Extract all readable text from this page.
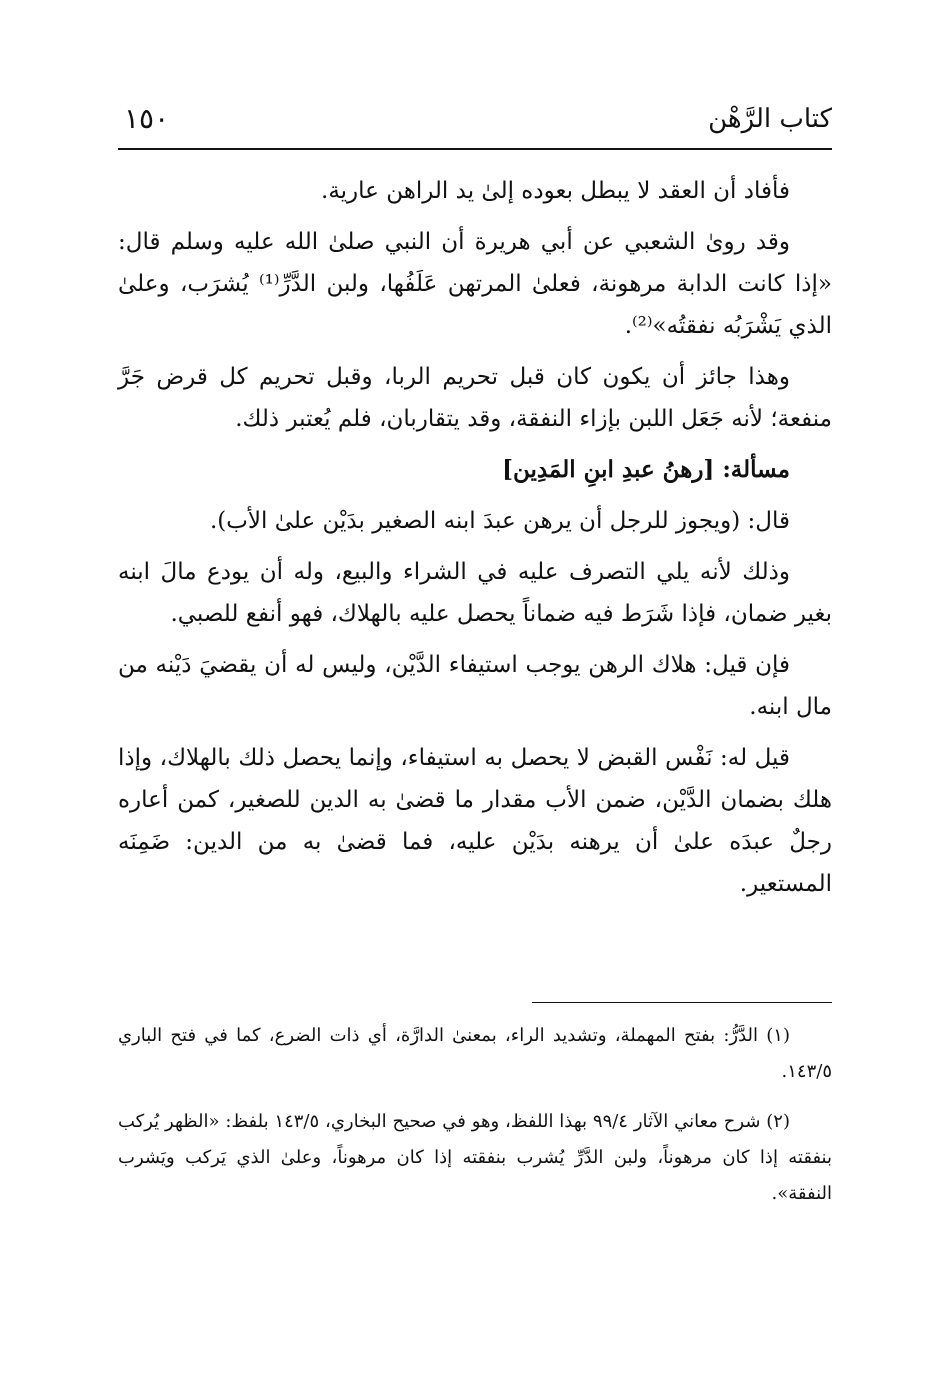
كتاب الرَّهْن
١٥٠

فأفاد أن العقد لا يبطل بعوده إلىٰ يد الراهن عارية.

وقد روىٰ الشعبي عن أبي هريرة أن النبي صلىٰ الله عليه وسلم قال: «إذا كانت الدابة مرهونة، فعلىٰ المرتهن عَلَفُها، ولبن الدَّرِّ⁽¹⁾ يُشرَب، وعلىٰ الذي يَشْرَبُه نفقتُه»⁽²⁾.

وهذا جائز أن يكون كان قبل تحريم الربا، وقبل تحريم كل قرض جَرَّ منفعة؛ لأنه جَعَل اللبن بإزاء النفقة، وقد يتقاربان، فلم يُعتبر ذلك.

مسألة: [رهنُ عبدِ ابنِ المَدِين]

قال: (ويجوز للرجل أن يرهن عبدَ ابنه الصغير بدَيْن علىٰ الأب).

وذلك لأنه يلي التصرف عليه في الشراء والبيع، وله أن يودع مالَ ابنه بغير ضمان، فإذا شَرَط فيه ضماناً يحصل عليه بالهلاك، فهو أنفع للصبي.

فإن قيل: هلاك الرهن يوجب استيفاء الدَّيْن، وليس له أن يقضيَ دَيْنه من مال ابنه.

قيل له: نَفْس القبض لا يحصل به استيفاء، وإنما يحصل ذلك بالهلاك، وإذا هلك بضمان الدَّيْن، ضمن الأب مقدار ما قضىٰ به الدين للصغير، كمن أعاره رجلٌ عبدَه علىٰ أن يرهنه بدَيْن عليه، فما قضىٰ به من الدين: ضَمِنَه المستعير.

(١) الدَّرُّ: بفتح المهملة، وتشديد الراء، بمعنىٰ الدارَّة، أي ذات الضرع، كما في فتح الباري ١٤٣/٥.

(٢) شرح معاني الآثار ٩٩/٤ بهذا اللفظ، وهو في صحيح البخاري، ١٤٣/٥ بلفظ: «الظهر يُركب بنفقته إذا كان مرهوناً، ولبن الدَّرِّ يُشرب بنفقته إذا كان مرهوناً، وعلىٰ الذي يَركب ويَشرب النفقة».
